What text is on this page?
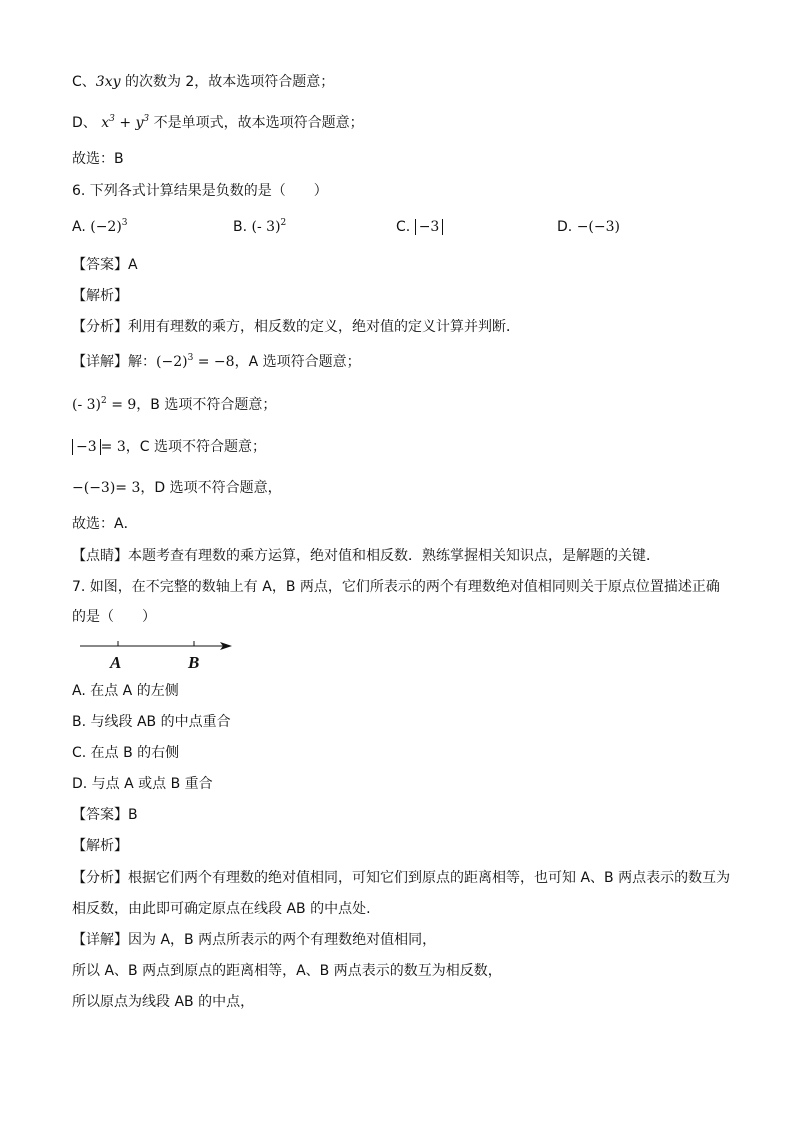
C、3xy 的次数为 2，故本选项符合题意；
D、 $x^3 + y^3$ 不是单项式，故本选项符合题意；
故选：B
6. 下列各式计算结果是负数的是（　　）
A. $(-2)^3$	B. (- 3)$^2$	C. −3	D. −(−3)
【答案】A
【解析】
【分析】利用有理数的乘方，相反数的定义，绝对值的定义计算并判断．
【详解】解：$(-2)^3 = -8$，A 选项符合题意；
(- 3)$^2$ = 9，B 选项不符合题意；
−3 = 3，C 选项不符合题意；
−(−3)= 3，D 选项不符合题意，
故选：A．
【点睛】本题考查有理数的乘方运算，绝对值和相反数．熟练掌握相关知识点，是解题的关键．
7. 如图，在不完整的数轴上有 A，B 两点，它们所表示的两个有理数绝对值相同则关于原点位置描述正确
的是（　　）
A	B
A. 在点 A 的左侧
B. 与线段 AB 的中点重合
C. 在点 B 的右侧
D. 与点 A 或点 B 重合
【答案】B
【解析】
【分析】根据它们两个有理数的绝对值相同，可知它们到原点的距离相等，也可知 A、B 两点表示的数互为
相反数，由此即可确定原点在线段 AB 的中点处.
【详解】因为 A，B 两点所表示的两个有理数绝对值相同，
所以 A、B 两点到原点的距离相等，A、B 两点表示的数互为相反数，
所以原点为线段 AB 的中点，
